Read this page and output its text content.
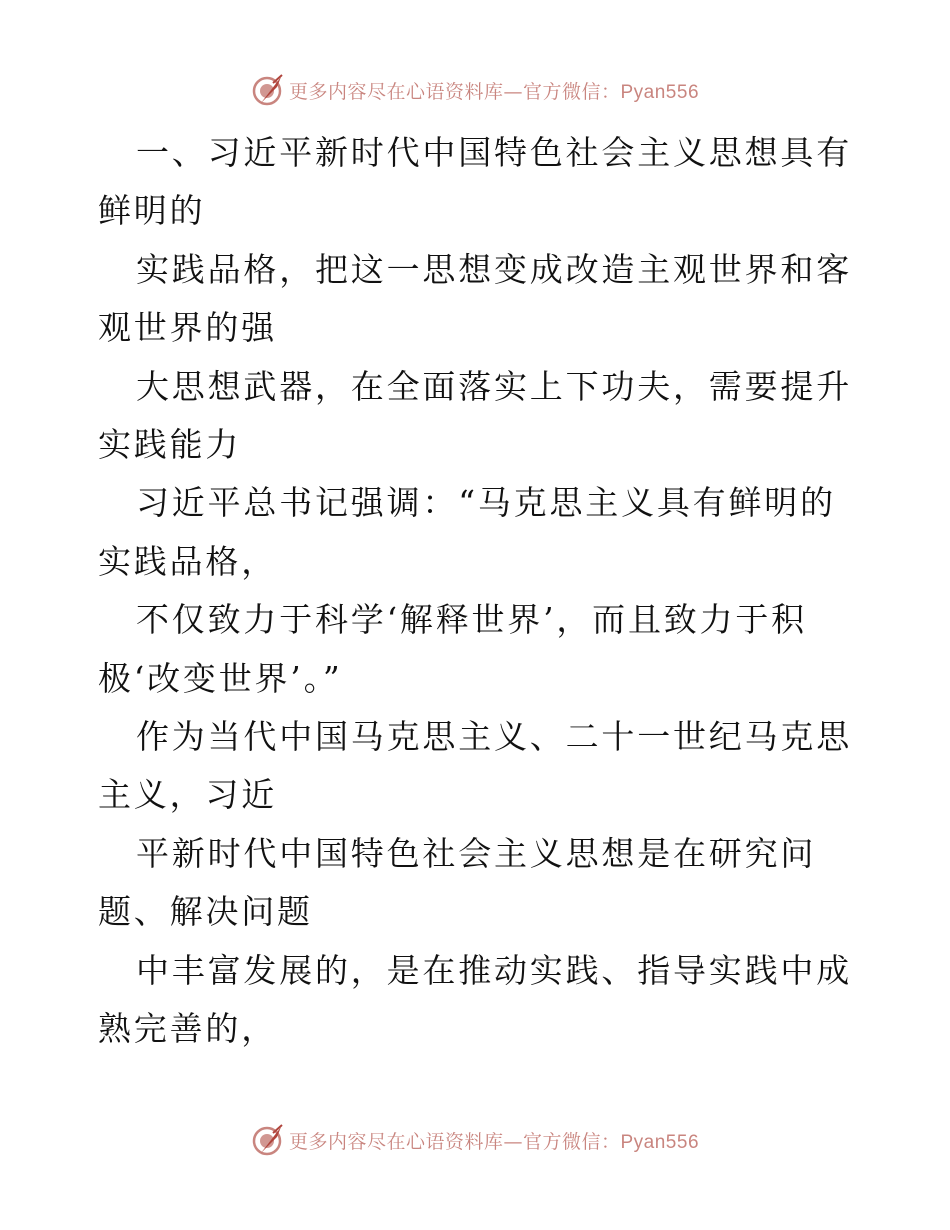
更多内容尽在心语资料库—官方微信：Pyan556

一、习近平新时代中国特色社会主义思想具有鲜明的

实践品格，把这一思想变成改造主观世界和客观世界的强

大思想武器，在全面落实上下功夫，需要提升实践能力

习近平总书记强调：“马克思主义具有鲜明的实践品格，

不仅致力于科学‘解释世界’，而且致力于积极‘改变世界’。”

作为当代中国马克思主义、二十一世纪马克思主义，习近

平新时代中国特色社会主义思想是在研究问题、解决问题

中丰富发展的，是在推动实践、指导实践中成熟完善的，

更多内容尽在心语资料库—官方微信：Pyan556
